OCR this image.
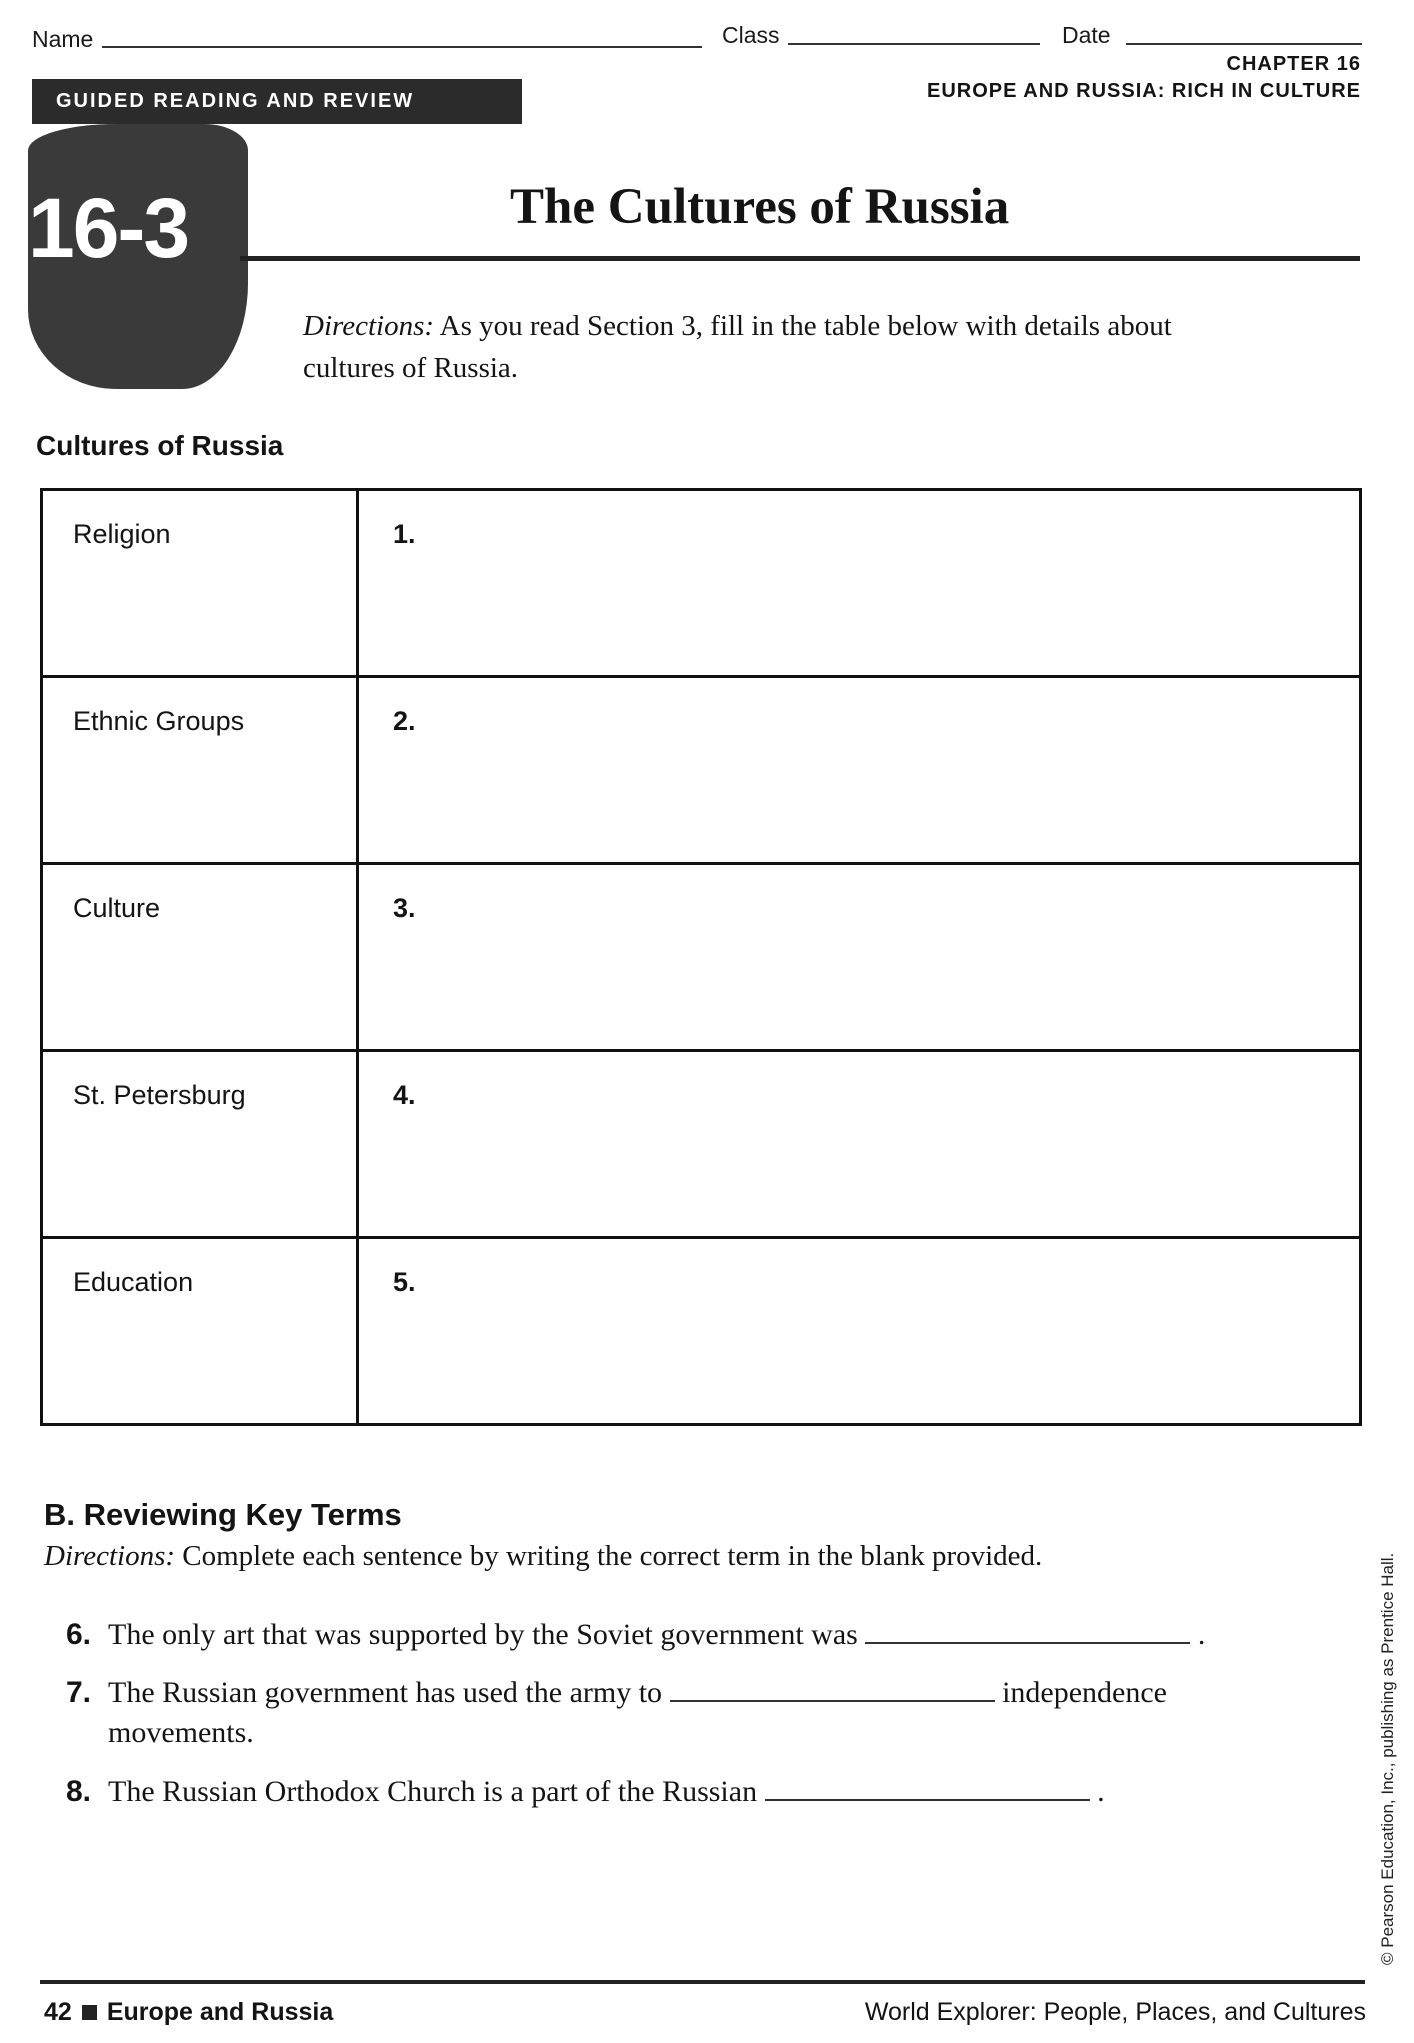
Name	Class	Date
CHAPTER 16
EUROPE AND RUSSIA: RICH IN CULTURE
GUIDED READING AND REVIEW
16-3	The Cultures of Russia
Directions: As you read Section 3, fill in the table below with details about cultures of Russia.
Cultures of Russia
Religion	1.
Ethnic Groups	2.
Culture	3.
St. Petersburg	4.
Education	5.
B. Reviewing Key Terms
Directions: Complete each sentence by writing the correct term in the blank provided.
6. The only art that was supported by the Soviet government was	.
7. The Russian government has used the army to	independence
movements.
8. The Russian Orthodox Church is a part of the Russian	.	© Pearson Education, Inc., publishing as Prentice Hall.
42 Europe and Russia	World Explorer: People, Places, and Cultures
